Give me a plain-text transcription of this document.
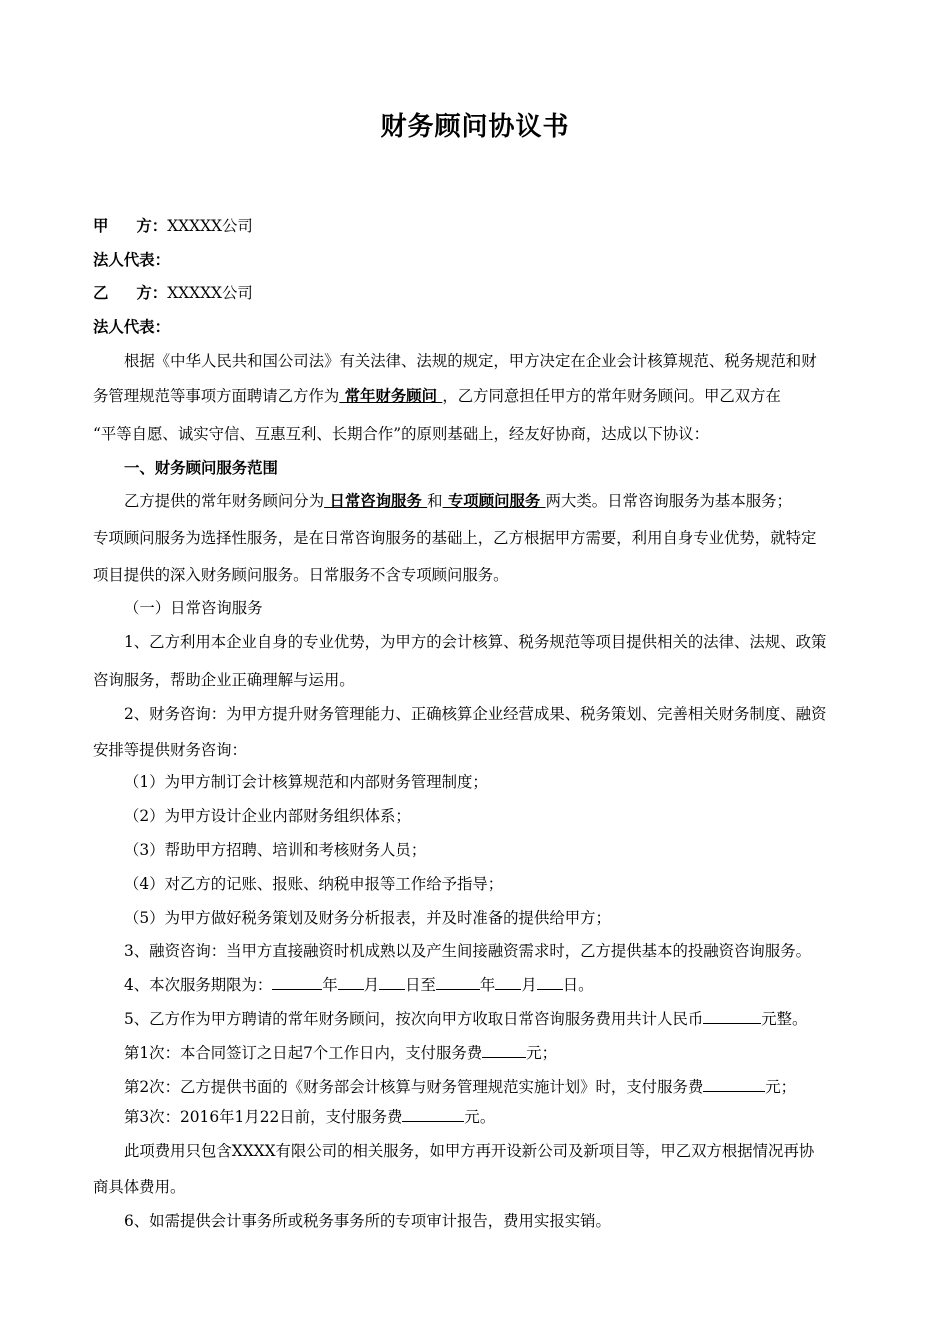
财务顾问协议书
甲 方：XXXXX公司
法人代表：
乙 方：XXXXX公司
法人代表：
根据《中华人民共和国公司法》有关法律、法规的规定，甲方决定在企业会计核算规范、税务规范和财
务管理规范等事项方面聘请乙方作为 常年财务顾问 ，乙方同意担任甲方的常年财务顾问。甲乙双方在
“平等自愿、诚实守信、互惠互利、长期合作”的原则基础上，经友好协商，达成以下协议：
一、财务顾问服务范围
乙方提供的常年财务顾问分为 日常咨询服务 和 专项顾问服务 两大类。日常咨询服务为基本服务；
专项顾问服务为选择性服务，是在日常咨询服务的基础上，乙方根据甲方需要，利用自身专业优势，就特定
项目提供的深入财务顾问服务。日常服务不含专项顾问服务。
（一）日常咨询服务
1、乙方利用本企业自身的专业优势，为甲方的会计核算、税务规范等项目提供相关的法律、法规、政策
咨询服务，帮助企业正确理解与运用。
2、财务咨询：为甲方提升财务管理能力、正确核算企业经营成果、税务策划、完善相关财务制度、融资
安排等提供财务咨询：
（1）为甲方制订会计核算规范和内部财务管理制度；
（2）为甲方设计企业内部财务组织体系；
（3）帮助甲方招聘、培训和考核财务人员；
（4）对乙方的记账、报账、纳税申报等工作给予指导；
（5）为甲方做好税务策划及财务分析报表，并及时准备的提供给甲方；
3、融资咨询：当甲方直接融资时机成熟以及产生间接融资需求时，乙方提供基本的投融资咨询服务。
4、本次服务期限为：	年 月 日至	年 月 日。
5、乙方作为甲方聘请的常年财务顾问，按次向甲方收取日常咨询服务费用共计人民币	元整。
第1次：本合同签订之日起7个工作日内，支付服务费	元；
第2次：乙方提供书面的《财务部会计核算与财务管理规范实施计划》时，支付服务费	元；
第3次：2016年1月22日前，支付服务费	元。
此项费用只包含XXXX有限公司的相关服务，如甲方再开设新公司及新项目等，甲乙双方根据情况再协
商具体费用。
6、如需提供会计事务所或税务事务所的专项审计报告，费用实报实销。
